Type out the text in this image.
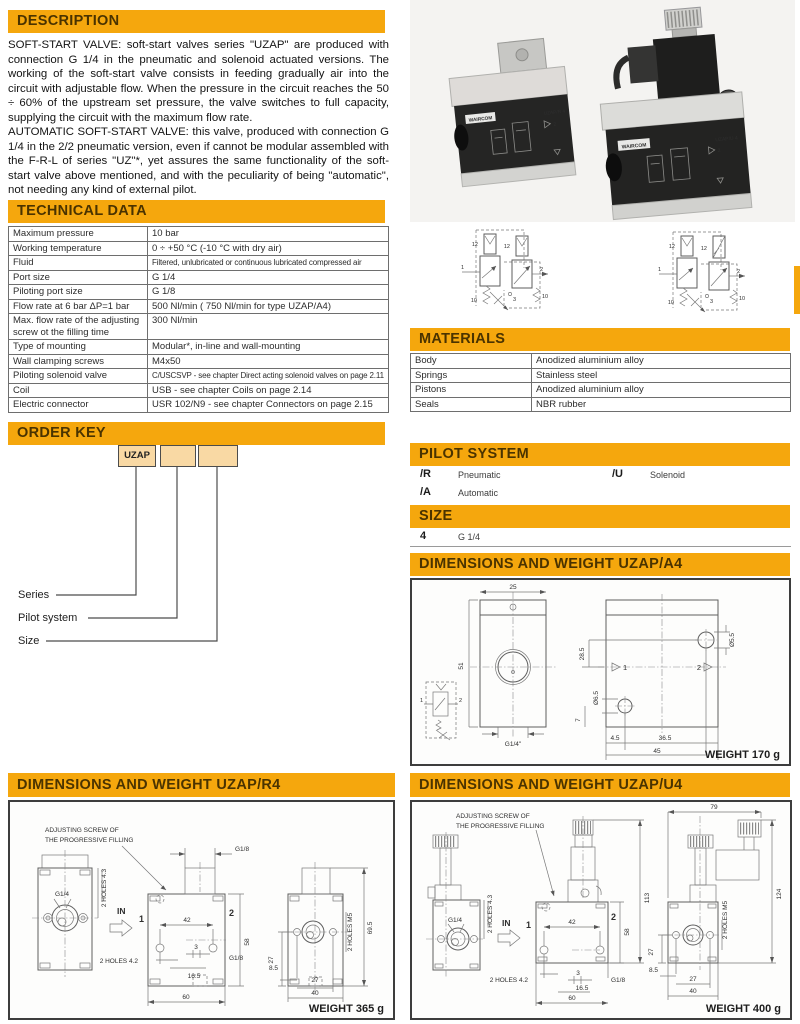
DESCRIPTION

SOFT-START VALVE: soft-start valves series "UZAP" are produced with connection G 1/4 in the pneumatic and solenoid actuated versions. The working of the soft-start valve consists in feeding gradually air into the circuit with adjustable flow. When the pressure in the circuit reaches the 50 ÷ 60% of the upstream set pressure, the valve switches to full capacity, supplying the circuit with the maximum flow rate.

AUTOMATIC SOFT-START VALVE: this valve, produced with connection G 1/4 in the 2/2 pneumatic version, even if cannot be modular assembled with the F-R-L of series "UZ"*, yet assures the same functionality of the soft-start valve above mentioned, and with the peculiarity of being "automatic", not needing any kind of external pilot.

WAIRCOM
UZAP/R 4
2
WAIRCOM
UZAP/U 4
2
12
1
10
12
2
3	10
12
1
10
12
2
3	10
TECHNICAL DATA
Maximum pressure	10 bar
Working temperature	0 ÷ +50 °C (-10 °C with dry air)
Fluid	Filtered, unlubricated or continuous lubricated compressed air
Port size	G 1/4
Piloting port size	G 1/8
Flow rate at 6 bar ΔP=1 bar	500 Nl/min ( 750 Nl/min for type UZAP/A4)
Max. flow rate of the adjusting screw ot the filling time	300 Nl/min
Type of mounting	Modular*, in-line and wall-mounting
Wall clamping screws	M4x50
Piloting solenoid valve	C/USCSVP - see chapter Direct acting solenoid valves on page 2.11
Coil	USB - see chapter Coils on page 2.14
Electric connector	USR 102/N9 - see chapter Connectors on page 2.15
MATERIALS
Body	Anodized aluminium alloy
Springs	Stainless steel
Pistons	Anodized aluminium alloy
Seals	NBR rubber
ORDER KEY
UZAP
Series
Pilot system
Size
PILOT SYSTEM
/R	Pneumatic	/U	Solenoid
/A	Automatic
SIZE
4	G 1/4
DIMENSIONS AND WEIGHT UZAP/A4
25
51
G1/4"
1	2
Ø5.5
Ø6.5
28.5
7
1	2
4.5	36.5
45	WEIGHT 170 g
DIMENSIONS AND WEIGHT UZAP/R4
ADJUSTING SCREW OF
THE PROGRESSIVE FILLING
G1/4	2 HOLES 4.3
IN
G1/8
1
2
42
58
2 HOLES 4.2
3
G1/8
16.5
60
2 HOLES M5 69.5
27
8.5
27
40
WEIGHT 365 g
DIMENSIONS AND WEIGHT UZAP/U4
ADJUSTING SCREW OF
THE PROGRESSIVE FILLING
G1/4	2 HOLES 4.3 IN 1
2
42
58
113
2 HOLES 4.2
3
G1/8
16.5
60
79
124
2 HOLES M5
27
8.5
27
40
WEIGHT 400 g
